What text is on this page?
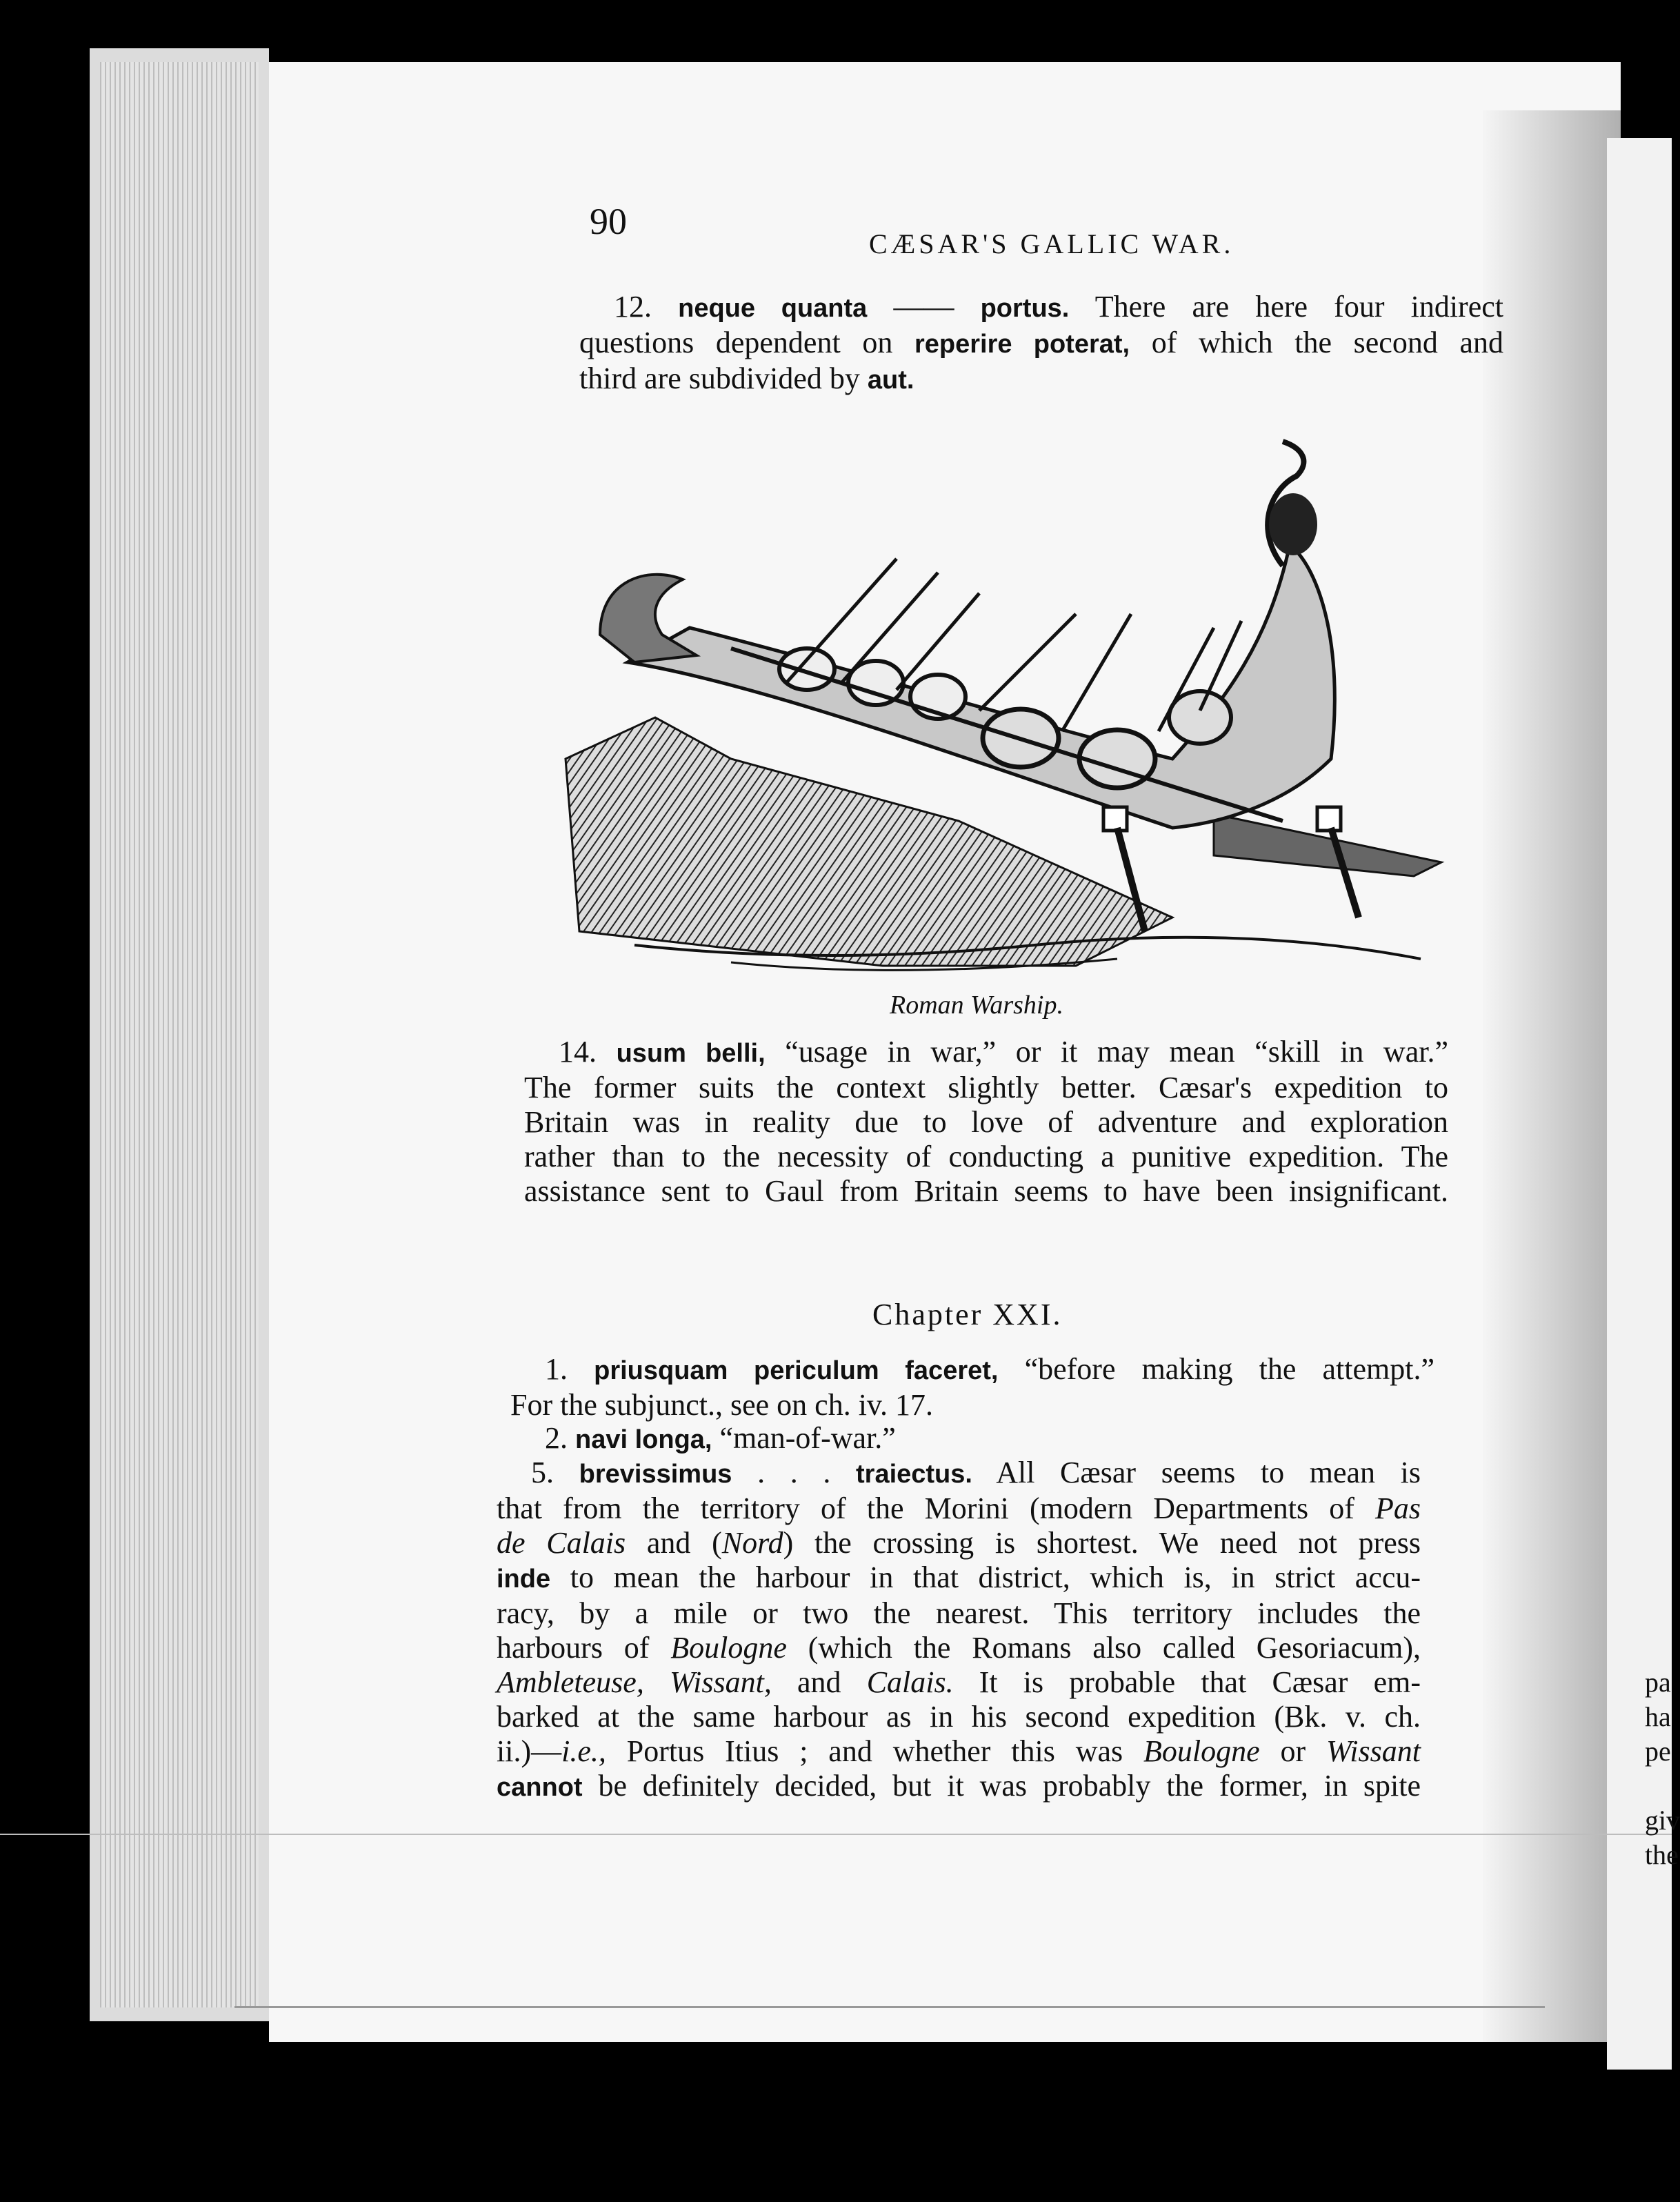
90
CÆSAR'S GALLIC WAR.
12. neque quanta —— portus. There are here four indirect
questions dependent on reperire poterat, of which the second and
third are subdivided by aut.
Roman Warship.
14. usum belli, “usage in war,” or it may mean “skill in war.”
The former suits the context slightly better. Cæsar's expedition to
Britain was in reality due to love of adventure and exploration
rather than to the necessity of conducting a punitive expedition. The
assistance sent to Gaul from Britain seems to have been insignificant.
Chapter XXI.
1. priusquam periculum faceret, “before making the attempt.”
For the subjunct., see on ch. iv. 17.
2. navi longa, “man-of-war.”
5. brevissimus . . . traiectus. All Cæsar seems to mean is
that from the territory of the Morini (modern Departments of Pas
de Calais and (Nord) the crossing is shortest. We need not press
inde to mean the harbour in that district, which is, in strict accu-
racy, by a mile or two the nearest. This territory includes the
harbours of Boulogne (which the Romans also called Gesoriacum),
Ambleteuse, Wissant, and Calais. It is probable that Cæsar em-
barked at the same harbour as in his second expedition (Bk. v. ch.
ii.)—i.e., Portus Itius ; and whether this was Boulogne or Wissant
cannot be definitely decided, but it was probably the former, in spite
pa
ha
pe
giv
the
